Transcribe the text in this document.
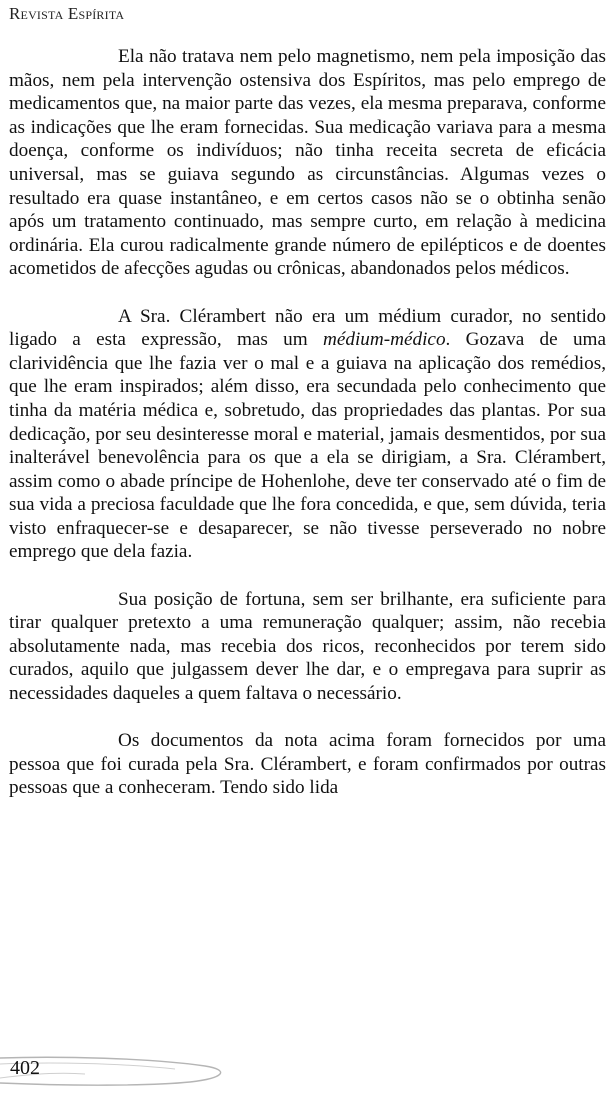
Revista Espírita

Ela não tratava nem pelo magnetismo, nem pela imposição das mãos, nem pela intervenção ostensiva dos Espíritos, mas pelo emprego de medicamentos que, na maior parte das vezes, ela mesma preparava, conforme as indicações que lhe eram fornecidas. Sua medicação variava para a mesma doença, conforme os indivíduos; não tinha receita secreta de eficácia universal, mas se guiava segundo as circunstâncias. Algumas vezes o resultado era quase instantâneo, e em certos casos não se o obtinha senão após um tratamento continuado, mas sempre curto, em relação à medicina ordinária. Ela curou radicalmente grande número de epilépticos e de doentes acometidos de afecções agudas ou crônicas, abandonados pelos médicos.

A Sra. Clérambert não era um médium curador, no sentido ligado a esta expressão, mas um médium-médico. Gozava de uma clarividência que lhe fazia ver o mal e a guiava na aplicação dos remédios, que lhe eram inspirados; além disso, era secundada pelo conhecimento que tinha da matéria médica e, sobretudo, das propriedades das plantas. Por sua dedicação, por seu desinteresse moral e material, jamais desmentidos, por sua inalterável benevolência para os que a ela se dirigiam, a Sra. Clérambert, assim como o abade príncipe de Hohenlohe, deve ter conservado até o fim de sua vida a preciosa faculdade que lhe fora concedida, e que, sem dúvida, teria visto enfraquecer-se e desaparecer, se não tivesse perseverado no nobre emprego que dela fazia.

Sua posição de fortuna, sem ser brilhante, era suficiente para tirar qualquer pretexto a uma remuneração qualquer; assim, não recebia absolutamente nada, mas recebia dos ricos, reconhecidos por terem sido curados, aquilo que julgassem dever lhe dar, e o empregava para suprir as necessidades daqueles a quem faltava o necessário.

Os documentos da nota acima foram fornecidos por uma pessoa que foi curada pela Sra. Clérambert, e foram confirmados por outras pessoas que a conheceram. Tendo sido lida

402
